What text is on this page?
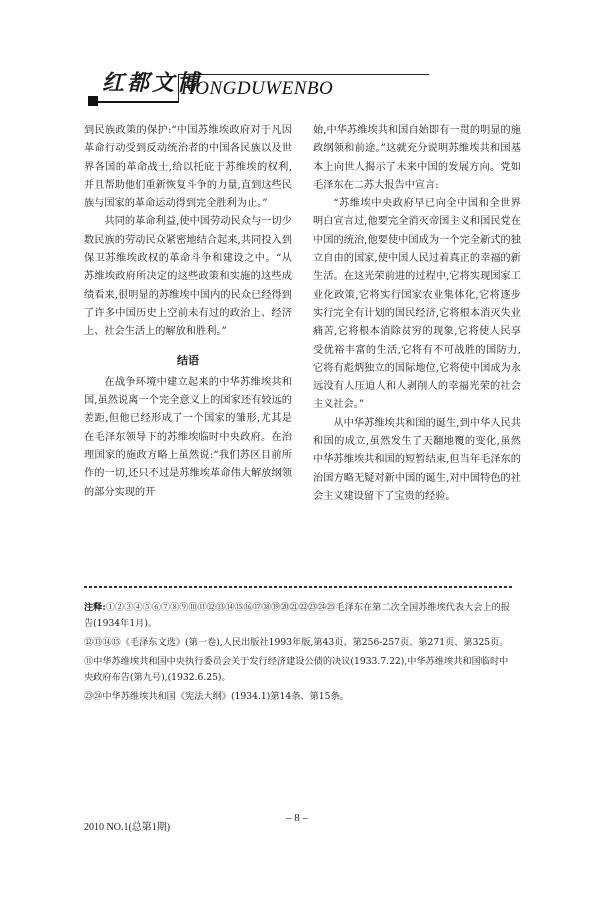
红都文博
HONGDUWENBO

到民族政策的保护:“中国苏维埃政府对于凡因革命行动受到反动统治者的中国各民族以及世界各国的革命战士,给以托庇于苏维埃的权利,并且帮助他们重新恢复斗争的力量,直到这些民族与国家的革命运动得到完全胜利为止。”

共同的革命利益,使中国劳动民众与一切少数民族的劳动民众紧密地结合起来,共同投入到保卫苏维埃政权的革命斗争和建设之中。“从苏维埃政府所决定的这些政策和实施的这些成绩看来,很明显的苏维埃中国内的民众已经得到了许多中国历史上空前未有过的政治上、经济上、社会生活上的解放和胜利。”

结语

在战争环境中建立起来的中华苏维埃共和国,虽然说离一个完全意义上的国家还有较远的差距,但他已经形成了一个国家的雏形,尤其是在毛泽东领导下的苏维埃临时中央政府。在治理国家的施政方略上虽然说:“我们苏区目前所作的一切,还只不过是苏维埃革命伟大解放纲领的部分实现的开

始,中华苏维埃共和国自始即有一贯的明显的施政纲领和前途。”这就充分说明苏维埃共和国基本上向世人揭示了未来中国的发展方向。党如毛泽东在二苏大报告中宣言:

“苏维埃中央政府早已向全中国和全世界明白宣言过,他要完全消灭帝国主义和国民党在中国的统治,他要使中国成为一个完全新式的独立自由的国家,使中国人民过着真正的幸福的新生活。在这光荣前进的过程中,它将实现国家工业化政策,它将实行国家农业集体化,它将逐步实行完全有计划的国民经济,它将根本消灭失业痛苦,它将根本消除贫穷的现象,它将使人民享受优裕丰富的生活,它将有不可战胜的国防力,它将有彪炳独立的国际地位,它将使中国成为永远没有人压迫人和人剥削人的幸福光荣的社会主义社会。”

从中华苏维埃共和国的诞生,到中华人民共和国的成立,虽然发生了天翻地覆的变化,虽然中华苏维埃共和国的短暂结束,但当年毛泽东的治国方略无疑对新中国的诞生,对中国特色的社会主义建设留下了宝贵的经验。

注释:①②③④⑤⑥⑦⑧⑨⑩⑪⑫⑬⑭⑮⑯⑰⑱⑲⑳㉑㉒㉓㉔㉕毛泽东在第二次全国苏维埃代表大会上的报告(1934年1月)。

⑫⑬⑭⑮《毛泽东文选》(第一卷),人民出版社1993年版,第43页、第256-257页、第271页、第325页。

⑪中华苏维埃共和国中央执行委员会关于发行经济建设公债的决议(1933.7.22),中华苏维埃共和国临时中央政府布告(第九号),(1932.6.25)。

㉓㉔中华苏维埃共和国《宪法大纲》(1934.1)第14条、第15条。

2010 NO.1(总第1期)
– 8 –
